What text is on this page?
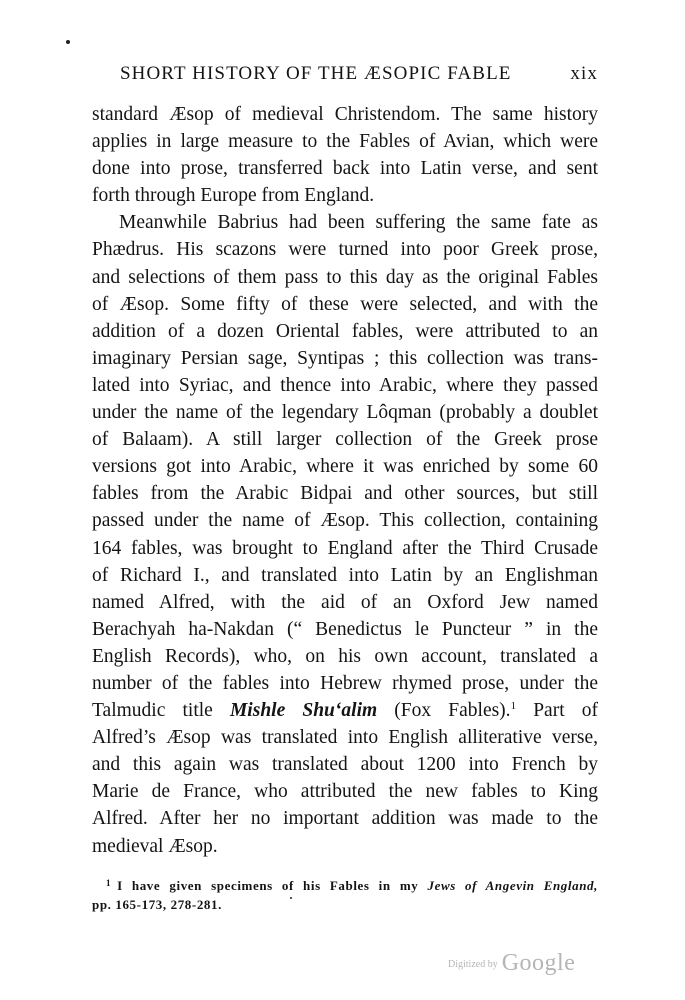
SHORT HISTORY OF THE ÆSOPIC FABLE	xix
standard Æsop of medieval Christendom. The same history
applies in large measure to the Fables of Avian, which were
done into prose, transferred back into Latin verse, and sent
forth through Europe from England.
Meanwhile Babrius had been suffering the same fate as
Phædrus. His scazons were turned into poor Greek prose,
and selections of them pass to this day as the original Fables
of Æsop. Some fifty of these were selected, and with the
addition of a dozen Oriental fables, were attributed to an
imaginary Persian sage, Syntipas ; this collection was trans-
lated into Syriac, and thence into Arabic, where they passed
under the name of the legendary Lôqman (probably a doublet
of Balaam). A still larger collection of the Greek prose
versions got into Arabic, where it was enriched by some 60
fables from the Arabic Bidpai and other sources, but still
passed under the name of Æsop. This collection, containing
164 fables, was brought to England after the Third Crusade
of Richard I., and translated into Latin by an Englishman
named Alfred, with the aid of an Oxford Jew named
Berachyah ha-Nakdan (“ Benedictus le Puncteur ” in the
English Records), who, on his own account, translated a
number of the fables into Hebrew rhymed prose, under the
Talmudic title Mishle Shu‘alim (Fox Fables).$^1$ Part of
Alfred’s Æsop was translated into English alliterative verse,
and this again was translated about 1200 into French by
Marie de France, who attributed the new fables to King
Alfred. After her no important addition was made to the
medieval Æsop.
$^1$ I have given specimens of his Fables in my Jews of Angevin England,
pp. 165-173, 278-281.
Digitized by Google
